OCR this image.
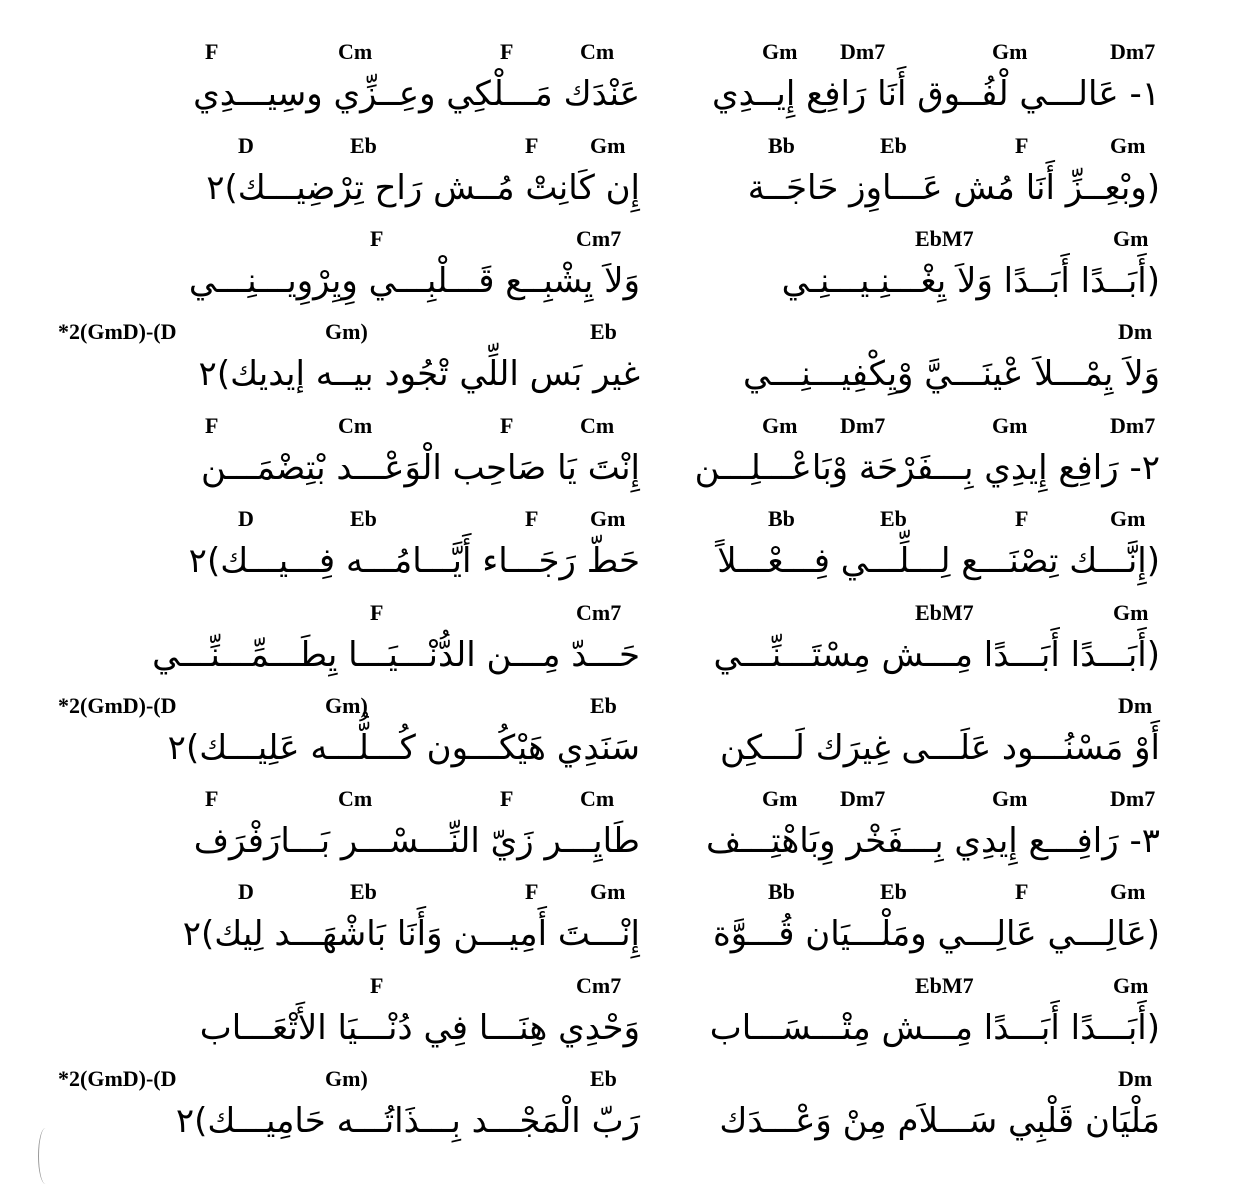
Gm Dm7	Gm	Dm7
F	Cm	F	Cm
١- عَالـــي لْفُــوق أَنَا رَافِع إِيــدِي
عَنْدَك مَـــلْكِي وعِــزِّي وسِيـــدِي
Bb	Eb	F	Gm
D	Eb	F Gm
(وبْعِــزِّ أَنَا مُش عَـــاوِز حَاجَــة
إِن كَانِتْ مُــش رَاح تِرْضِيـــك)٢
EbM7	Gm
F	Cm7
(أَبَــدًا أَبَــدًا وَلاَ يِغْـــنِـيـــنِـي
وَلاَ يِشْبِــع قَـــلْبِـــي وِيِرْوِيـــنِـــي
Dm
*2(GmD)-(D	Gm)	Eb
وَلاَ يِمْـــلاَ عْينَـــيَّ وْيِكْفِيـــنِـــي
غير بَس اللِّي تْجُود بيــه إيديك)٢
Gm Dm7	Gm	Dm7
F	Cm	F	Cm
٢- رَافِع إِيدِي بِـــفَرْحَة وْبَاعْـــلِـــن
إِنْتَ يَا صَاحِب الْوَعْـــد بْتِضْمَـــن
Bb	Eb	F	Gm
D	Eb	F Gm
(إِنَّـــك تِصْنَـــع لِـــلِّـــي فِـــعْـــلاً
حَطّ رَجَـــاء أَيَّـــامُـــه فِـــيـــك)٢
EbM7	Gm
F	Cm7
(أَبَـــدًا أَبَـــدًا مِـــش مِسْتَـــنِّـــي
حَـــدّ مِـــن الدُّنْـــيَـــا يِطَـــمِّـــنِّـــي
Dm
*2(GmD)-(D	Gm)	Eb
أَوْ مَسْنُـــود عَلَـــى غِيرَك لَـــكِن
سَنَدِي هَيْكُـــون كُـــلُّـــه عَلِيـــك)٢
Gm Dm7	Gm	Dm7
F	Cm	F	Cm
٣- رَافِـــع إِيدِي بِـــفَخْر وِبَاهْتِـــف
طَايِـــر زَيّ النِّـــسْـــر بَـــارَفْرَف
Bb	Eb	F	Gm
D	Eb	F Gm
(عَالِـــي عَالِـــي ومَلْـــيَان قُـــوَّة
إِنْـــتَ أَمِيـــن وَأَنَا بَاشْهَـــد لِيك)٢
EbM7	Gm
F	Cm7
(أَبَـــدًا أَبَـــدًا مِـــش مِتْـــسَـــاب
وَحْدِي هِنَـــا فِي دُنْـــيَا الأَتْعَـــاب
Dm
*2(GmD)-(D	Gm)	Eb
مَلْيَان قَلْبِي سَـــلاَم مِنْ وَعْـــدَك
رَبّ الْمَجْـــد بِـــذَاتُـــه حَامِيـــك)٢
